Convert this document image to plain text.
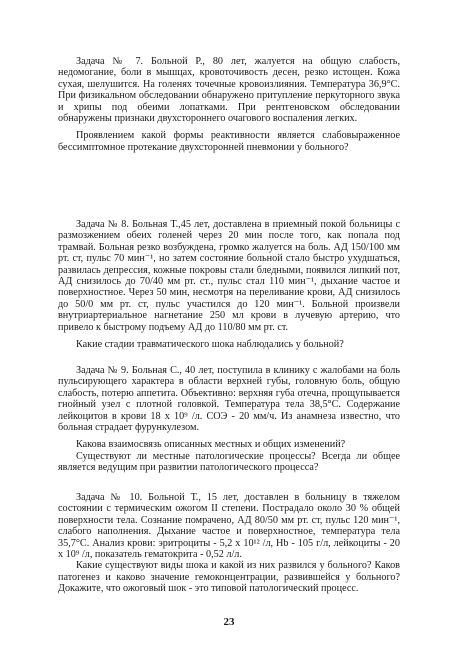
Задача № 7. Больной Р., 80 лет, жалуется на общую слабость, недомогание, боли в мышцах, кровоточивость десен, резко истощен. Кожа сухая, шелушится. На голенях точечные кровоизлияния. Температура 36,9°С. При физикальном обследовании обнаружено притупление перкуторного звука и хрипы под обеими лопатками. При рентгеновском обследовании обнаружены признаки двухстороннего очагового воспаления легких.

Проявлением какой формы реактивности является слабовыраженное бессимптомное протекание двухсторонней пневмонии у больного?

Задача № 8. Больная Т.,45 лет, доставлена в приемный покой больницы с размозжением обеих голеней через 20 мин после того, как попала под трамвай. Больная резко возбуждена, громко жалуется на боль. АД 150/100 мм рт. ст, пульс 70 мин⁻¹, но затем состояние больной стало быстро ухудшаться, развилась депрессия, кожные покровы стали бледными, появился липкий пот, АД снизилось до 70/40 мм рт. ст., пульс стал 110 мин⁻¹, дыхание частое и поверхностное. Через 50 мин, несмотря на переливание крови, АД снизилось до 50/0 мм рт. ст, пульс участился до 120 мин⁻¹. Больной произвели внутриартериальное нагнетание 250 мл крови в лучевую артерию, что привело к быстрому подъему АД до 110/80 мм рт. ст.

Какие стадии травматического шока наблюдались у больной?

Задача № 9. Больная С., 40 лет, поступила в клинику с жалобами на боль пульсирующего характера в области верхней губы, головную боль, общую слабость, потерю аппетита. Объективно: верхняя губа отечна, прощупывается гнойный узел с плотной головкой. Температура тела 38,5°С. Содержание лейкоцитов в крови 18 х 10⁹ /л. СОЭ - 20 мм/ч. Из анамнеза известно, что больная страдает фурункулезом.

Какова взаимосвязь описанных местных и общих изменений?

Существуют ли местные патологические процессы? Всегда ли общее является ведущим при развитии патологического процесса?

Задача № 10. Больной Т., 15 лет, доставлен в больницу в тяжелом состоянии с термическим ожогом II степени. Пострадало около 30 % общей поверхности тела. Сознание помрачено, АД 80/50 мм рт. ст, пульс 120 мин⁻¹, слабого наполнения. Дыхание частое и поверхностное, температура тела 35,7°С. Анализ крови: эритроциты - 5,2 х 10¹² /л, Hb - 105 г/л, лейкоциты - 20 х 10⁹ /л, показатель гематокрита - 0,52 л/л.

Какие существуют виды шока и какой из них развился у больного? Каков патогенез и каково значение гемоконцентрации, развившейся у больного? Докажите, что ожоговый шок - это типовой патологический процесс.

23
